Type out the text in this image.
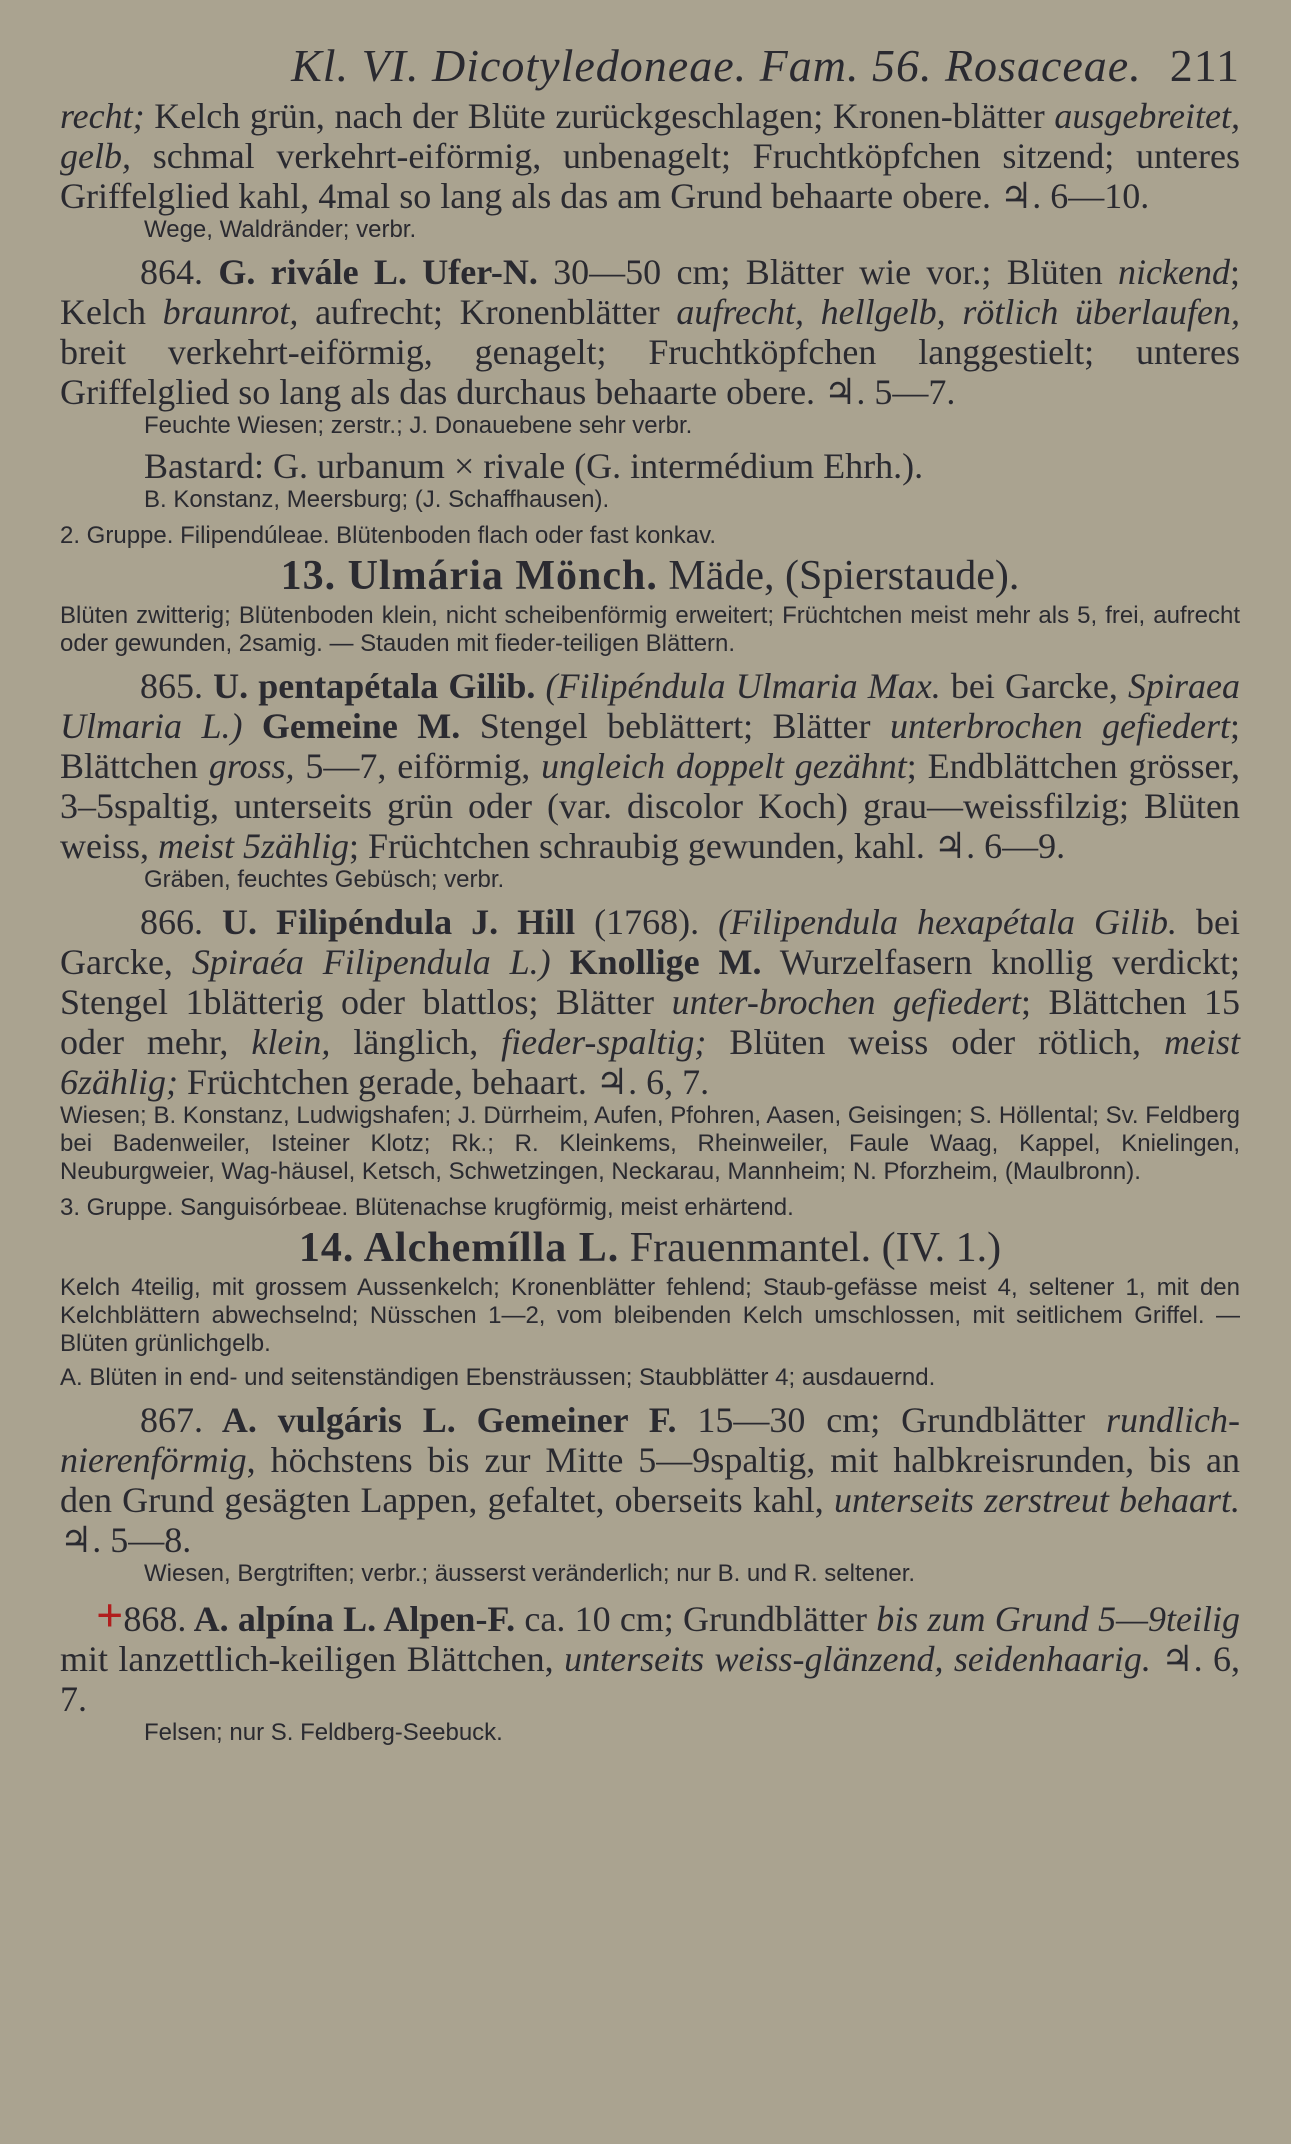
Kl. VI. Dicotyledoneae. Fam. 56. Rosaceae. 211

recht; Kelch grün, nach der Blüte zurückgeschlagen; Kronen-blätter ausgebreitet, gelb, schmal verkehrt-eiförmig, unbenagelt; Fruchtköpfchen sitzend; unteres Griffelglied kahl, 4mal so lang als das am Grund behaarte obere. ♃. 6—10.

Wege, Waldränder; verbr.

864. G. rivále L. Ufer-N. 30—50 cm; Blätter wie vor.; Blüten nickend; Kelch braunrot, aufrecht; Kronenblätter aufrecht, hellgelb, rötlich überlaufen, breit verkehrt-eiförmig, genagelt; Fruchtköpfchen langgestielt; unteres Griffelglied so lang als das durchaus behaarte obere. ♃. 5—7.

Feuchte Wiesen; zerstr.; J. Donauebene sehr verbr.

Bastard: G. urbanum × rivale (G. intermédium Ehrh.).

B. Konstanz, Meersburg; (J. Schaffhausen).

2. Gruppe. Filipendúleae. Blütenboden flach oder fast konkav.

13. Ulmária Mönch. Mäde, (Spierstaude).

Blüten zwitterig; Blütenboden klein, nicht scheibenförmig erweitert; Früchtchen meist mehr als 5, frei, aufrecht oder gewunden, 2samig. — Stauden mit fieder-teiligen Blättern.

865. U. pentapétala Gilib. (Filipéndula Ulmaria Max. bei Garcke, Spiraea Ulmaria L.) Gemeine M. Stengel beblättert; Blätter unterbrochen gefiedert; Blättchen gross, 5—7, eiförmig, ungleich doppelt gezähnt; Endblättchen grösser, 3–5spaltig, unterseits grün oder (var. discolor Koch) grau—weissfilzig; Blüten weiss, meist 5zählig; Früchtchen schraubig gewunden, kahl. ♃. 6—9.

Gräben, feuchtes Gebüsch; verbr.

866. U. Filipéndula J. Hill (1768). (Filipendula hexapétala Gilib. bei Garcke, Spiraéa Filipendula L.) Knollige M. Wurzelfasern knollig verdickt; Stengel 1blätterig oder blattlos; Blätter unter-brochen gefiedert; Blättchen 15 oder mehr, klein, länglich, fieder-spaltig; Blüten weiss oder rötlich, meist 6zählig; Früchtchen gerade, behaart. ♃. 6, 7.

Wiesen; B. Konstanz, Ludwigshafen; J. Dürrheim, Aufen, Pfohren, Aasen, Geisingen; S. Höllental; Sv. Feldberg bei Badenweiler, Isteiner Klotz; Rk.; R. Kleinkems, Rheinweiler, Faule Waag, Kappel, Knielingen, Neuburgweier, Wag-häusel, Ketsch, Schwetzingen, Neckarau, Mannheim; N. Pforzheim, (Maulbronn).

3. Gruppe. Sanguisórbeae. Blütenachse krugförmig, meist erhärtend.

14. Alchemílla L. Frauenmantel. (IV. 1.)

Kelch 4teilig, mit grossem Aussenkelch; Kronenblätter fehlend; Staub-gefässe meist 4, seltener 1, mit den Kelchblättern abwechselnd; Nüsschen 1—2, vom bleibenden Kelch umschlossen, mit seitlichem Griffel. — Blüten grünlichgelb.

A. Blüten in end- und seitenständigen Ebensträussen; Staubblätter 4; ausdauernd.

867. A. vulgáris L. Gemeiner F. 15—30 cm; Grundblätter rundlich-nierenförmig, höchstens bis zur Mitte 5—9spaltig, mit halbkreisrunden, bis an den Grund gesägten Lappen, gefaltet, oberseits kahl, unterseits zerstreut behaart. ♃. 5—8.

Wiesen, Bergtriften; verbr.; äusserst veränderlich; nur B. und R. seltener.

+868. A. alpína L. Alpen-F. ca. 10 cm; Grundblätter bis zum Grund 5—9teilig mit lanzettlich-keiligen Blättchen, unterseits weiss-glänzend, seidenhaarig. ♃. 6, 7.

Felsen; nur S. Feldberg-Seebuck.
